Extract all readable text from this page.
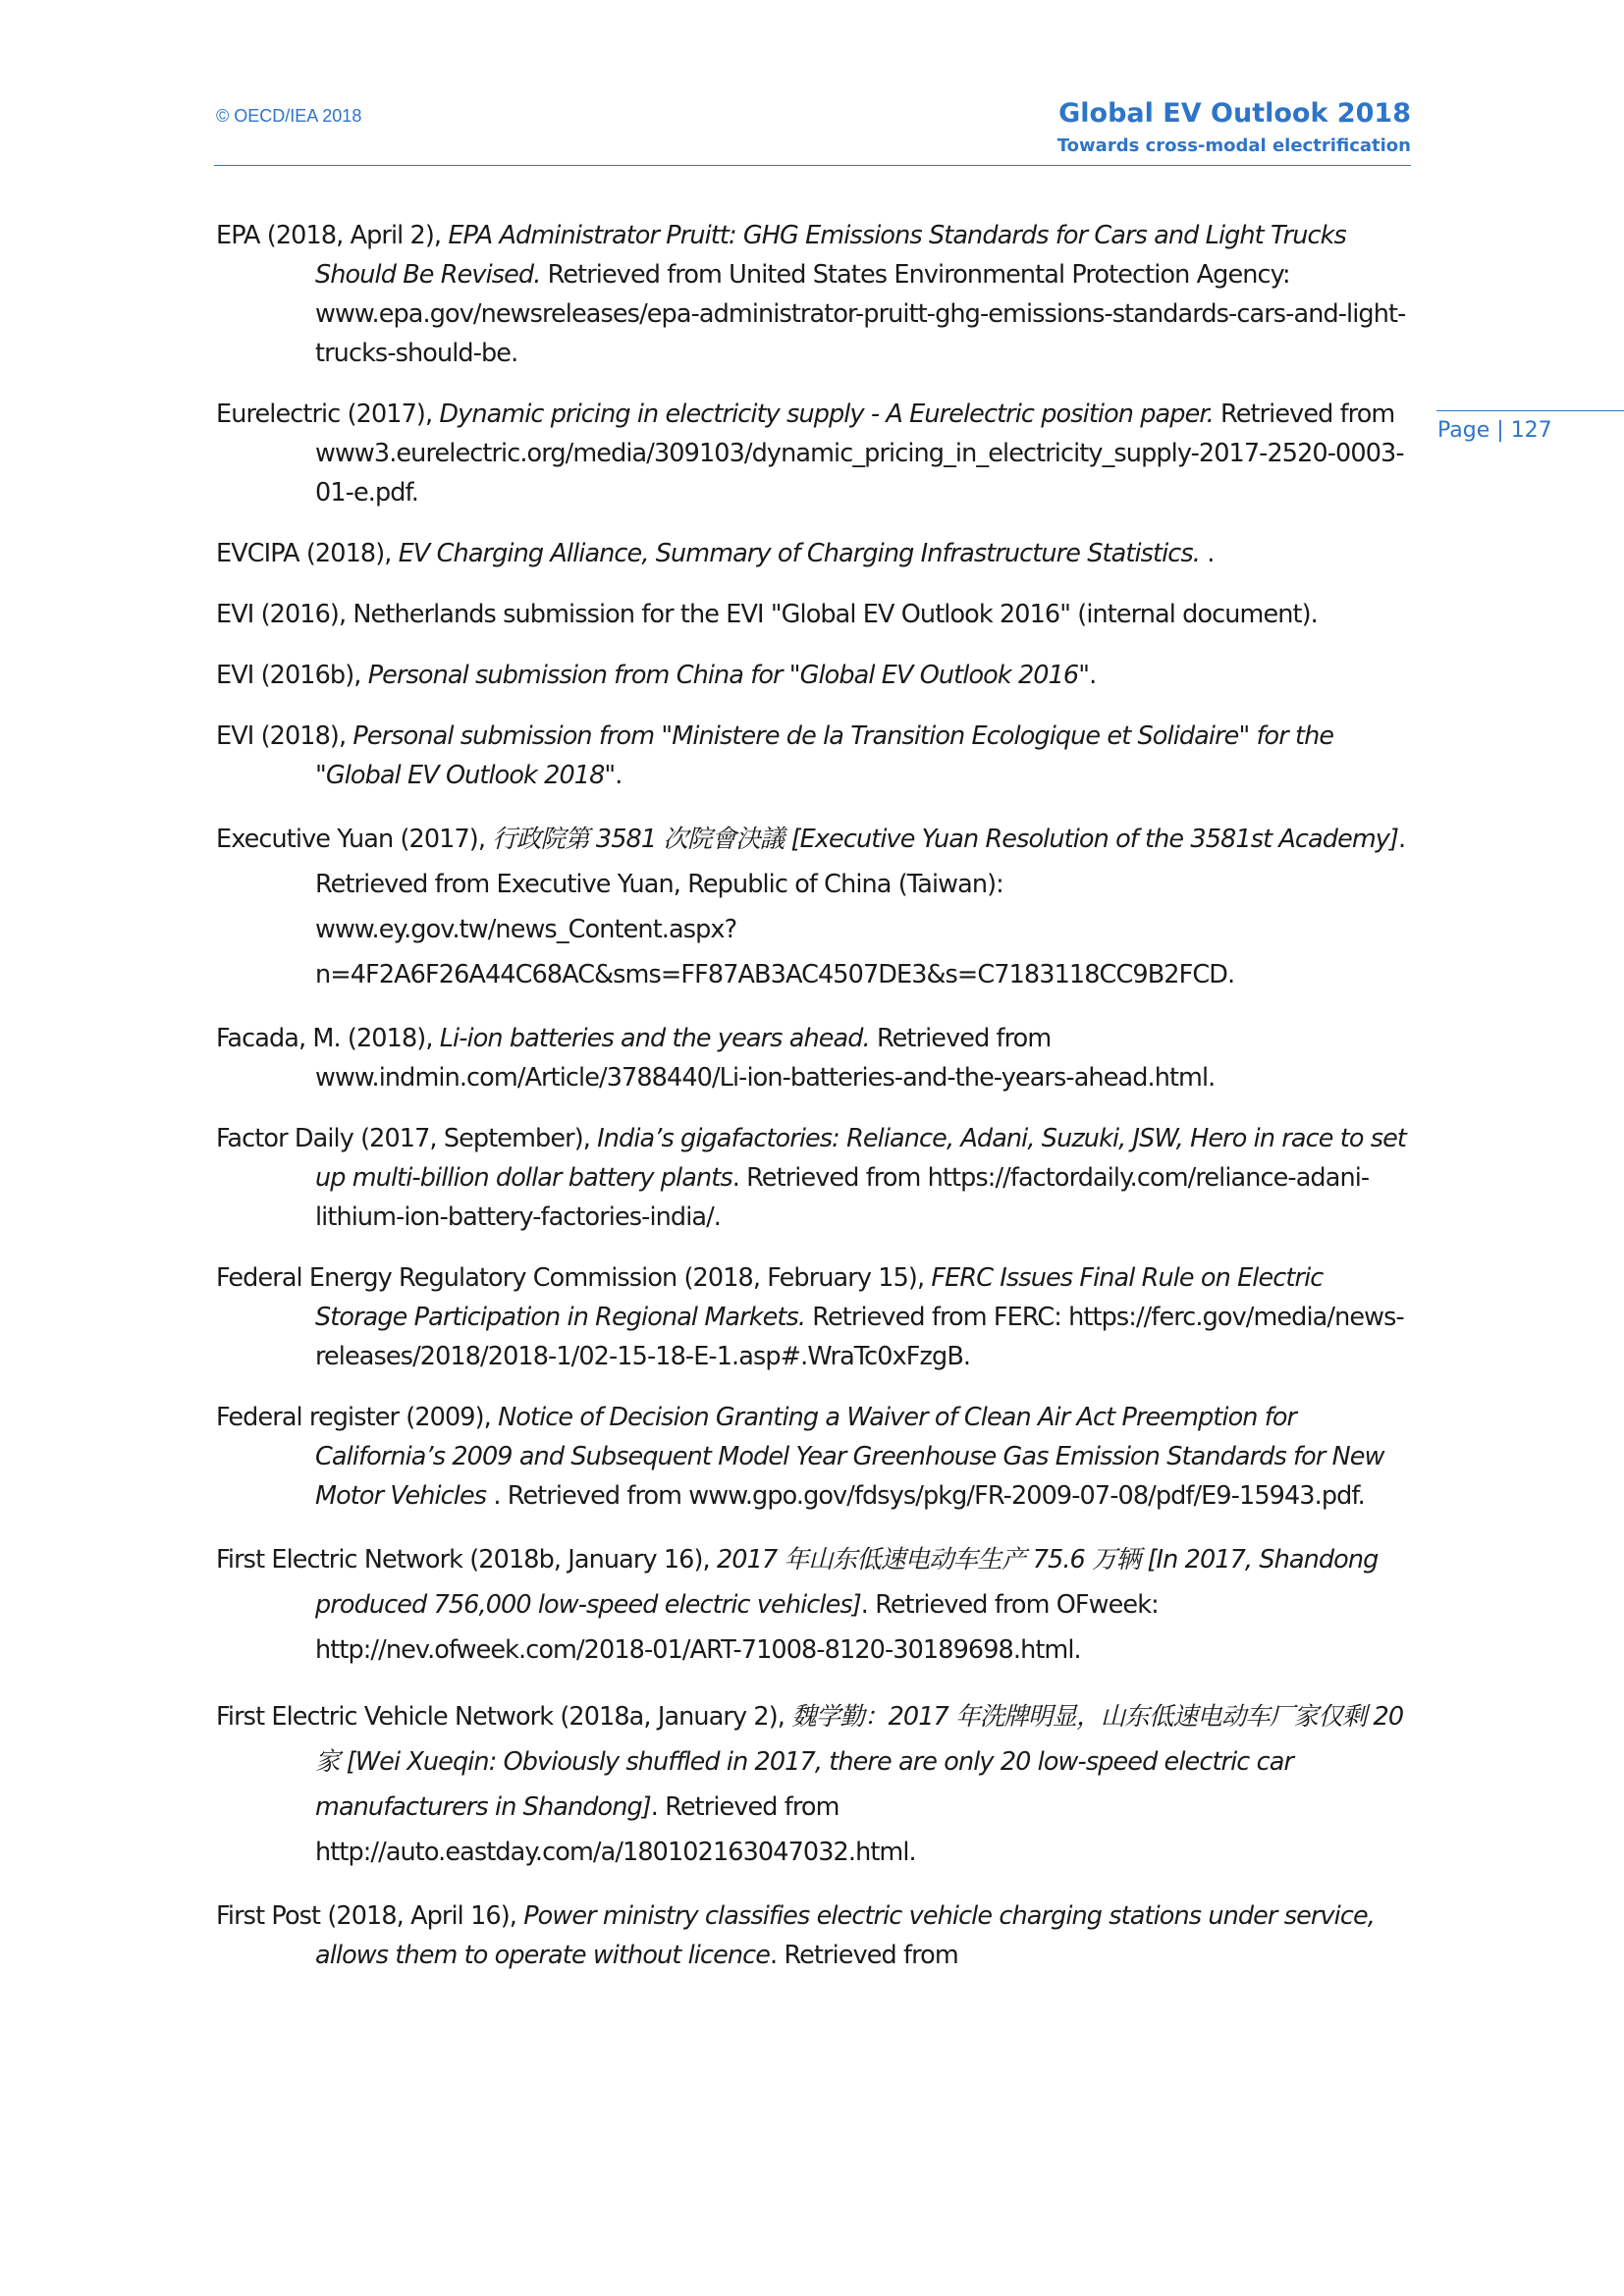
© OECD/IEA 2018	Global EV Outlook 2018
Towards cross-modal electrification
Page | 127

EPA (2018, April 2), EPA Administrator Pruitt: GHG Emissions Standards for Cars and Light Trucks Should Be Revised. Retrieved from United States Environmental Protection Agency: www.epa.gov/newsreleases/epa-administrator-pruitt-ghg-emissions-standards-cars-and-light-trucks-should-be.

Eurelectric (2017), Dynamic pricing in electricity supply - A Eurelectric position paper. Retrieved from www3.eurelectric.org/media/309103/dynamic_pricing_in_electricity_supply-2017-2520-0003-01-e.pdf.

EVCIPA (2018), EV Charging Alliance, Summary of Charging Infrastructure Statistics. .

EVI (2016), Netherlands submission for the EVI "Global EV Outlook 2016" (internal document).

EVI (2016b), Personal submission from China for "Global EV Outlook 2016".

EVI (2018), Personal submission from "Ministere de la Transition Ecologique et Solidaire" for the "Global EV Outlook 2018".

Executive Yuan (2017), 行政院第 3581 次院會決議 [Executive Yuan Resolution of the 3581st Academy]. Retrieved from Executive Yuan, Republic of China (Taiwan): www.ey.gov.tw/news_Content.aspx?n=4F2A6F26A44C68AC&sms=FF87AB3AC4507DE3&s=C7183118CC9B2FCD.

Facada, M. (2018), Li-ion batteries and the years ahead. Retrieved from www.indmin.com/Article/3788440/Li-ion-batteries-and-the-years-ahead.html.

Factor Daily (2017, September), India’s gigafactories: Reliance, Adani, Suzuki, JSW, Hero in race to set up multi-billion dollar battery plants. Retrieved from https://factordaily.com/reliance-adani-lithium-ion-battery-factories-india/.

Federal Energy Regulatory Commission (2018, February 15), FERC Issues Final Rule on Electric Storage Participation in Regional Markets. Retrieved from FERC: https://ferc.gov/media/news-releases/2018/2018-1/02-15-18-E-1.asp#.WraTc0xFzgB.

Federal register (2009), Notice of Decision Granting a Waiver of Clean Air Act Preemption for California’s 2009 and Subsequent Model Year Greenhouse Gas Emission Standards for New Motor Vehicles . Retrieved from www.gpo.gov/fdsys/pkg/FR-2009-07-08/pdf/E9-15943.pdf.

First Electric Network (2018b, January 16), 2017 年山东低速电动车生产 75.6 万辆 [In 2017, Shandong produced 756,000 low-speed electric vehicles]. Retrieved from OFweek: http://nev.ofweek.com/2018-01/ART-71008-8120-30189698.html.

First Electric Vehicle Network (2018a, January 2), 魏学勤：2017 年洗牌明显，山东低速电动车厂家仅剩 20 家 [Wei Xueqin: Obviously shuffled in 2017, there are only 20 low-speed electric car manufacturers in Shandong]. Retrieved from http://auto.eastday.com/a/180102163047032.html.

First Post (2018, April 16), Power ministry classifies electric vehicle charging stations under service, allows them to operate without licence. Retrieved from
